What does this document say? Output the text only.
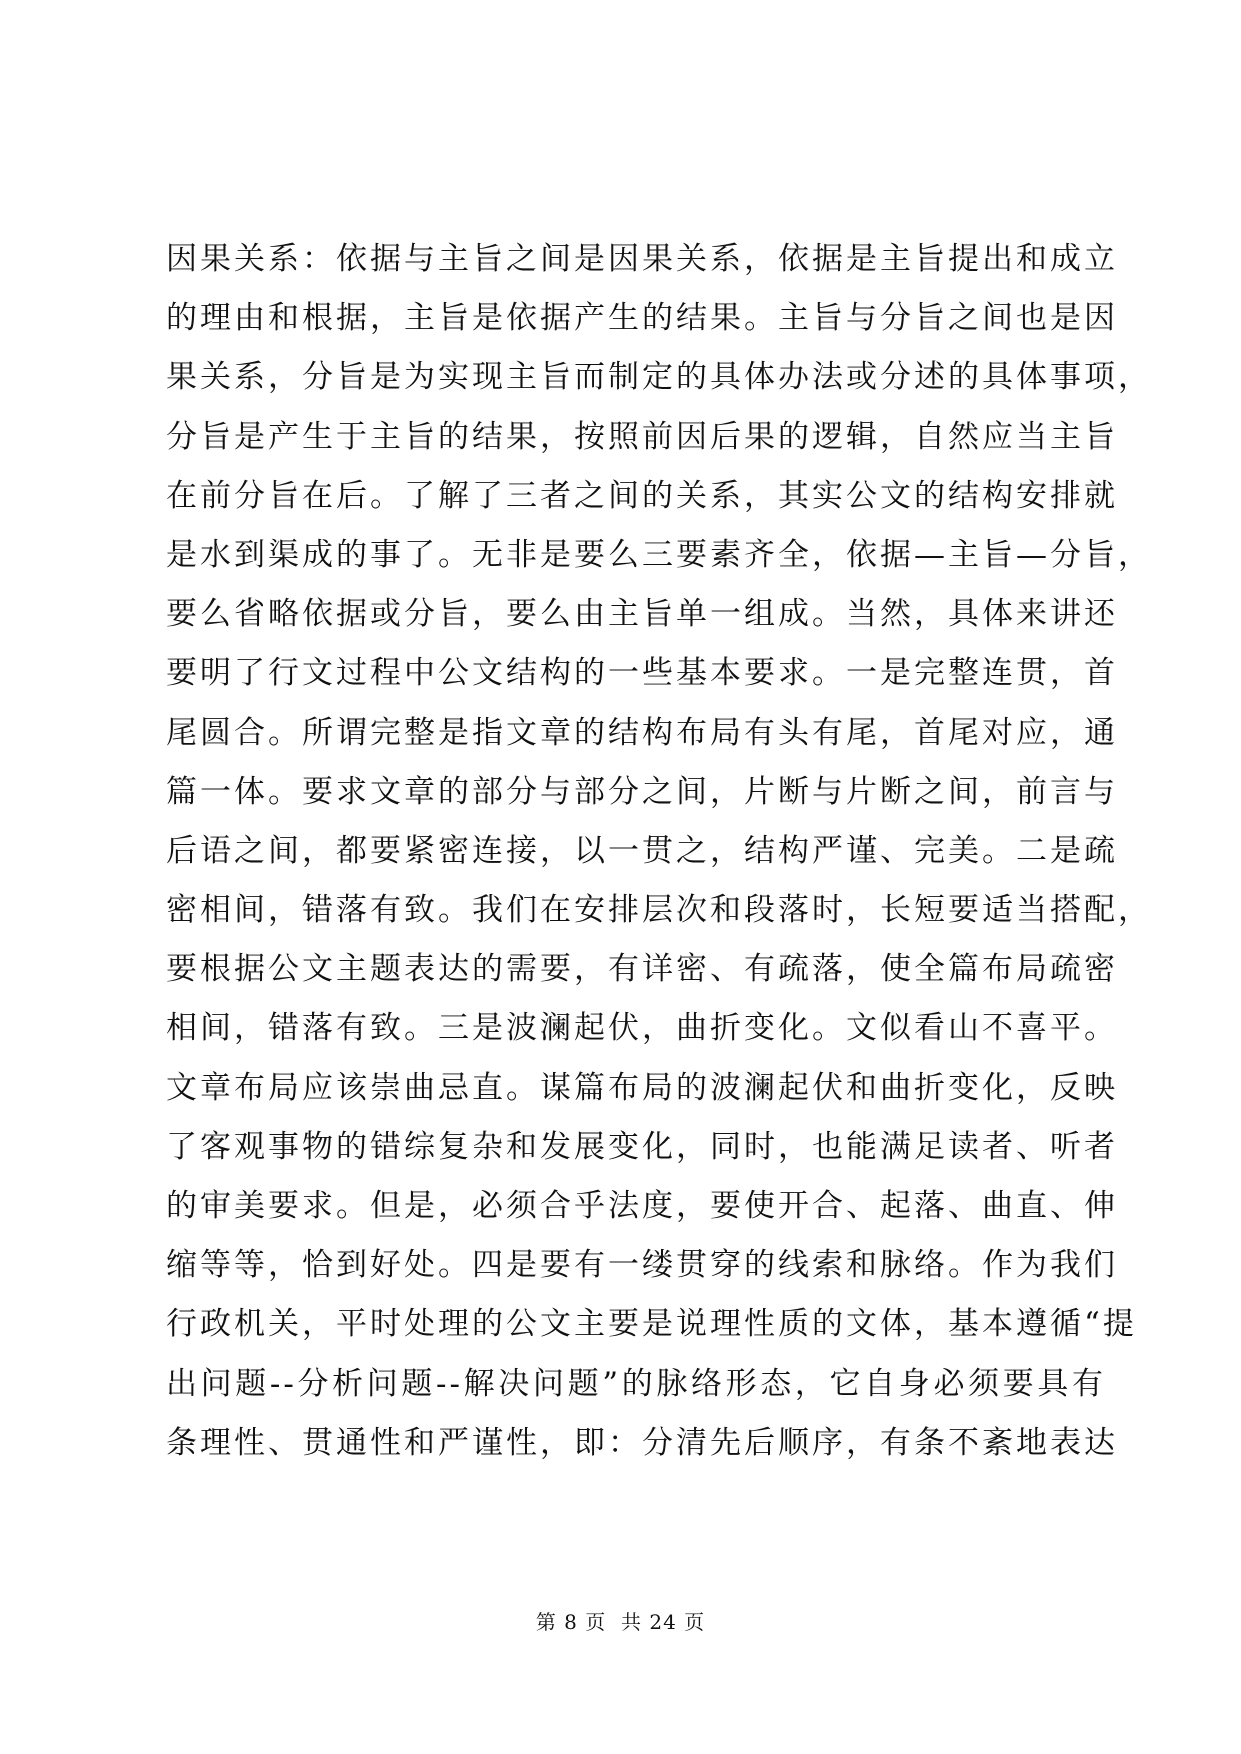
因果关系：依据与主旨之间是因果关系，依据是主旨提出和成立
的理由和根据，主旨是依据产生的结果。主旨与分旨之间也是因
果关系，分旨是为实现主旨而制定的具体办法或分述的具体事项，
分旨是产生于主旨的结果，按照前因后果的逻辑，自然应当主旨
在前分旨在后。了解了三者之间的关系，其实公文的结构安排就
是水到渠成的事了。无非是要么三要素齐全，依据—主旨—分旨，
要么省略依据或分旨，要么由主旨单一组成。当然，具体来讲还
要明了行文过程中公文结构的一些基本要求。一是完整连贯，首
尾圆合。所谓完整是指文章的结构布局有头有尾，首尾对应，通
篇一体。要求文章的部分与部分之间，片断与片断之间，前言与
后语之间，都要紧密连接，以一贯之，结构严谨、完美。二是疏
密相间，错落有致。我们在安排层次和段落时，长短要适当搭配，
要根据公文主题表达的需要，有详密、有疏落，使全篇布局疏密
相间，错落有致。三是波澜起伏，曲折变化。文似看山不喜平。
文章布局应该崇曲忌直。谋篇布局的波澜起伏和曲折变化，反映
了客观事物的错综复杂和发展变化，同时，也能满足读者、听者
的审美要求。但是，必须合乎法度，要使开合、起落、曲直、伸
缩等等，恰到好处。四是要有一缕贯穿的线索和脉络。作为我们
行政机关，平时处理的公文主要是说理性质的文体，基本遵循“提
出问题--分析问题--解决问题”的脉络形态，它自身必须要具有
条理性、贯通性和严谨性，即：分清先后顺序，有条不紊地表达
第 8 页  共 24 页
